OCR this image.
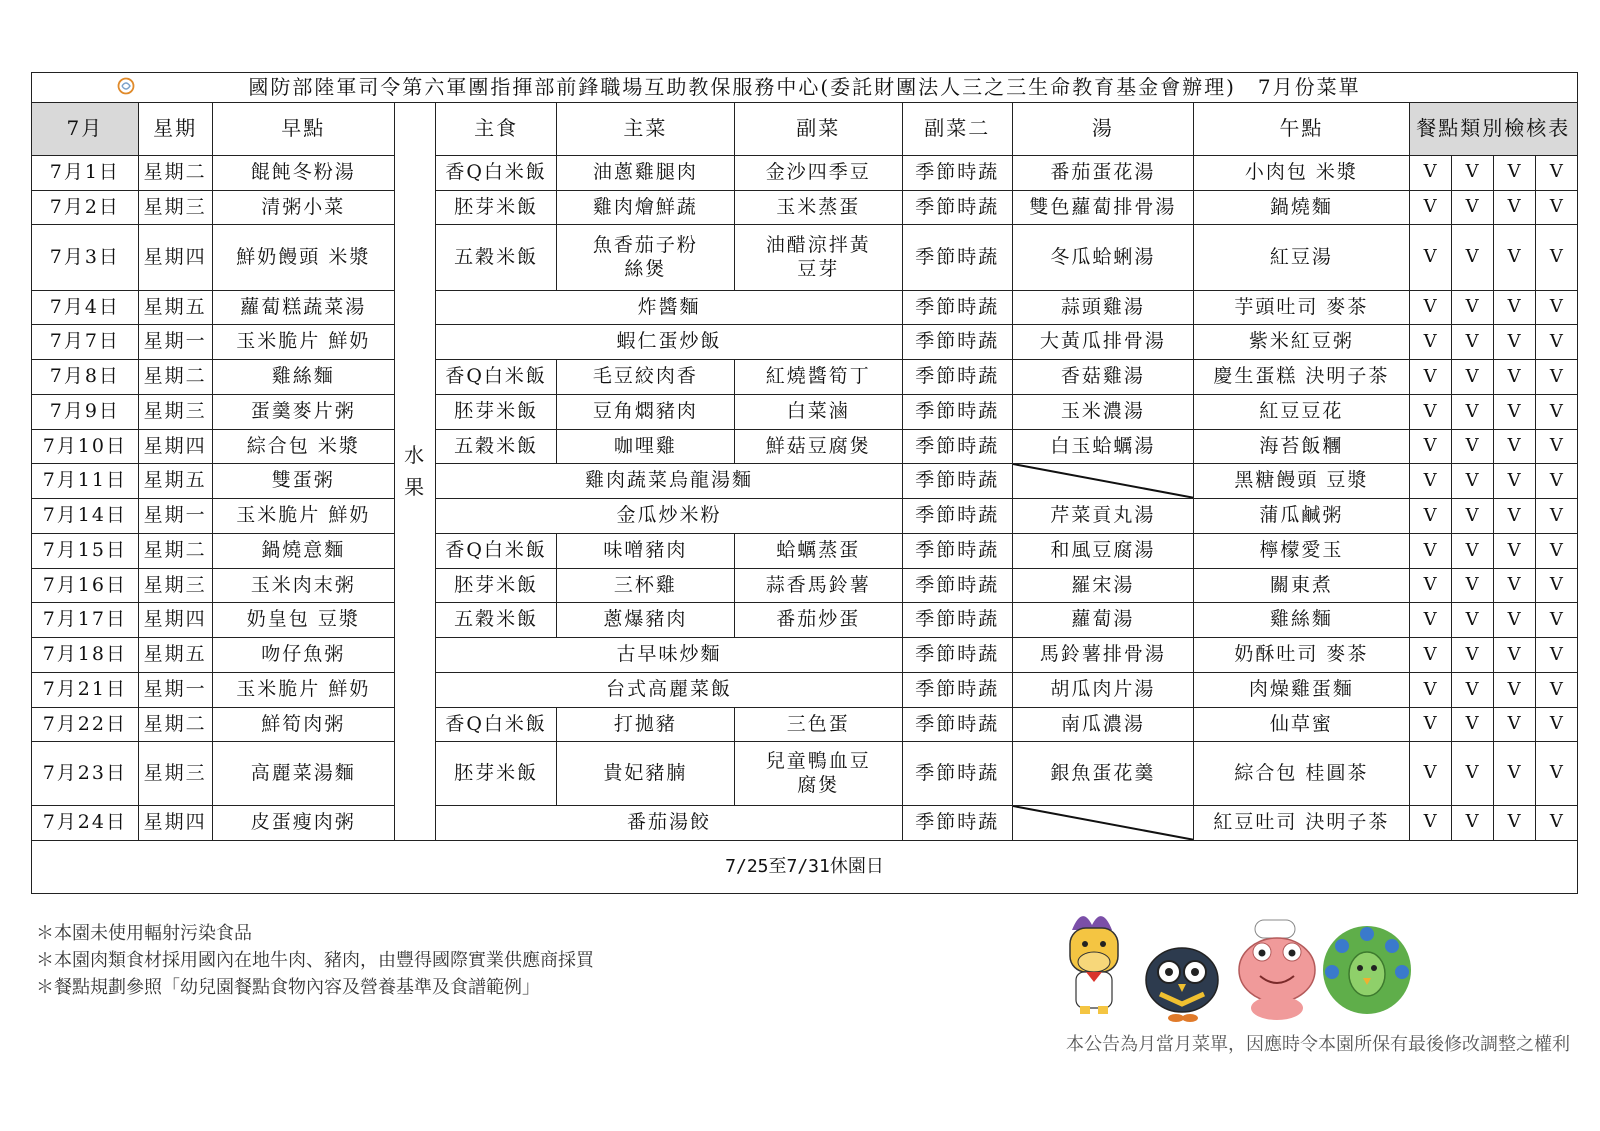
國防部陸軍司令第六軍團指揮部前鋒職場互助教保服務中心(委託財團法人三之三生命教育基金會辦理)　7月份菜單													
7月	星期	早點	水果	主食	主菜	副菜	副菜二	湯	午點	餐點類別檢核表			
7月1日	星期二	餛飩冬粉湯		香Q白米飯	油蔥雞腿肉	金沙四季豆	季節時蔬	番茄蛋花湯	小肉包 米漿	V	V	V	V
7月2日	星期三	清粥小菜		胚芽米飯	雞肉燴鮮蔬	玉米蒸蛋	季節時蔬	雙色蘿蔔排骨湯	鍋燒麵	V	V	V	V
7月3日	星期四	鮮奶饅頭 米漿		五穀米飯	魚香茄子粉絲煲	油醋涼拌黃豆芽	季節時蔬	冬瓜蛤蜊湯	紅豆湯	V	V	V	V
7月4日	星期五	蘿蔔糕蔬菜湯		炸醬麵			季節時蔬	蒜頭雞湯	芋頭吐司 麥茶	V	V	V	V
7月7日	星期一	玉米脆片 鮮奶		蝦仁蛋炒飯			季節時蔬	大黃瓜排骨湯	紫米紅豆粥	V	V	V	V
7月8日	星期二	雞絲麵		香Q白米飯	毛豆絞肉香	紅燒醬筍丁	季節時蔬	香菇雞湯	慶生蛋糕 決明子茶	V	V	V	V
7月9日	星期三	蛋羹麥片粥		胚芽米飯	豆角燜豬肉	白菜滷	季節時蔬	玉米濃湯	紅豆豆花	V	V	V	V
7月10日	星期四	綜合包 米漿		五穀米飯	咖哩雞	鮮菇豆腐煲	季節時蔬	白玉蛤蠣湯	海苔飯糰	V	V	V	V
7月11日	星期五	雙蛋粥		雞肉蔬菜烏龍湯麵			季節時蔬		黑糖饅頭 豆漿	V	V	V	V
7月14日	星期一	玉米脆片 鮮奶		金瓜炒米粉			季節時蔬	芹菜貢丸湯	蒲瓜鹹粥	V	V	V	V
7月15日	星期二	鍋燒意麵		香Q白米飯	味噌豬肉	蛤蠣蒸蛋	季節時蔬	和風豆腐湯	檸檬愛玉	V	V	V	V
7月16日	星期三	玉米肉末粥		胚芽米飯	三杯雞	蒜香馬鈴薯	季節時蔬	羅宋湯	關東煮	V	V	V	V
7月17日	星期四	奶皇包 豆漿		五穀米飯	蔥爆豬肉	番茄炒蛋	季節時蔬	蘿蔔湯	雞絲麵	V	V	V	V
7月18日	星期五	吻仔魚粥		古早味炒麵			季節時蔬	馬鈴薯排骨湯	奶酥吐司 麥茶	V	V	V	V
7月21日	星期一	玉米脆片 鮮奶		台式高麗菜飯			季節時蔬	胡瓜肉片湯	肉燥雞蛋麵	V	V	V	V
7月22日	星期二	鮮筍肉粥		香Q白米飯	打拋豬	三色蛋	季節時蔬	南瓜濃湯	仙草蜜	V	V	V	V
7月23日	星期三	高麗菜湯麵		胚芽米飯	貴妃豬腩	兒童鴨血豆腐煲	季節時蔬	銀魚蛋花羹	綜合包 桂圓茶	V	V	V	V
7月24日	星期四	皮蛋瘦肉粥		番茄湯餃			季節時蔬		紅豆吐司 決明子茶	V	V	V	V
7/25至7/31休園日													
＊本園未使用輻射污染食品
＊本園肉類食材採用國內在地牛肉、豬肉，由豐得國際實業供應商採買
＊餐點規劃參照「幼兒園餐點食物內容及營養基準及食譜範例」
本公告為月當月菜單，因應時令本園所保有最後修改調整之權利
